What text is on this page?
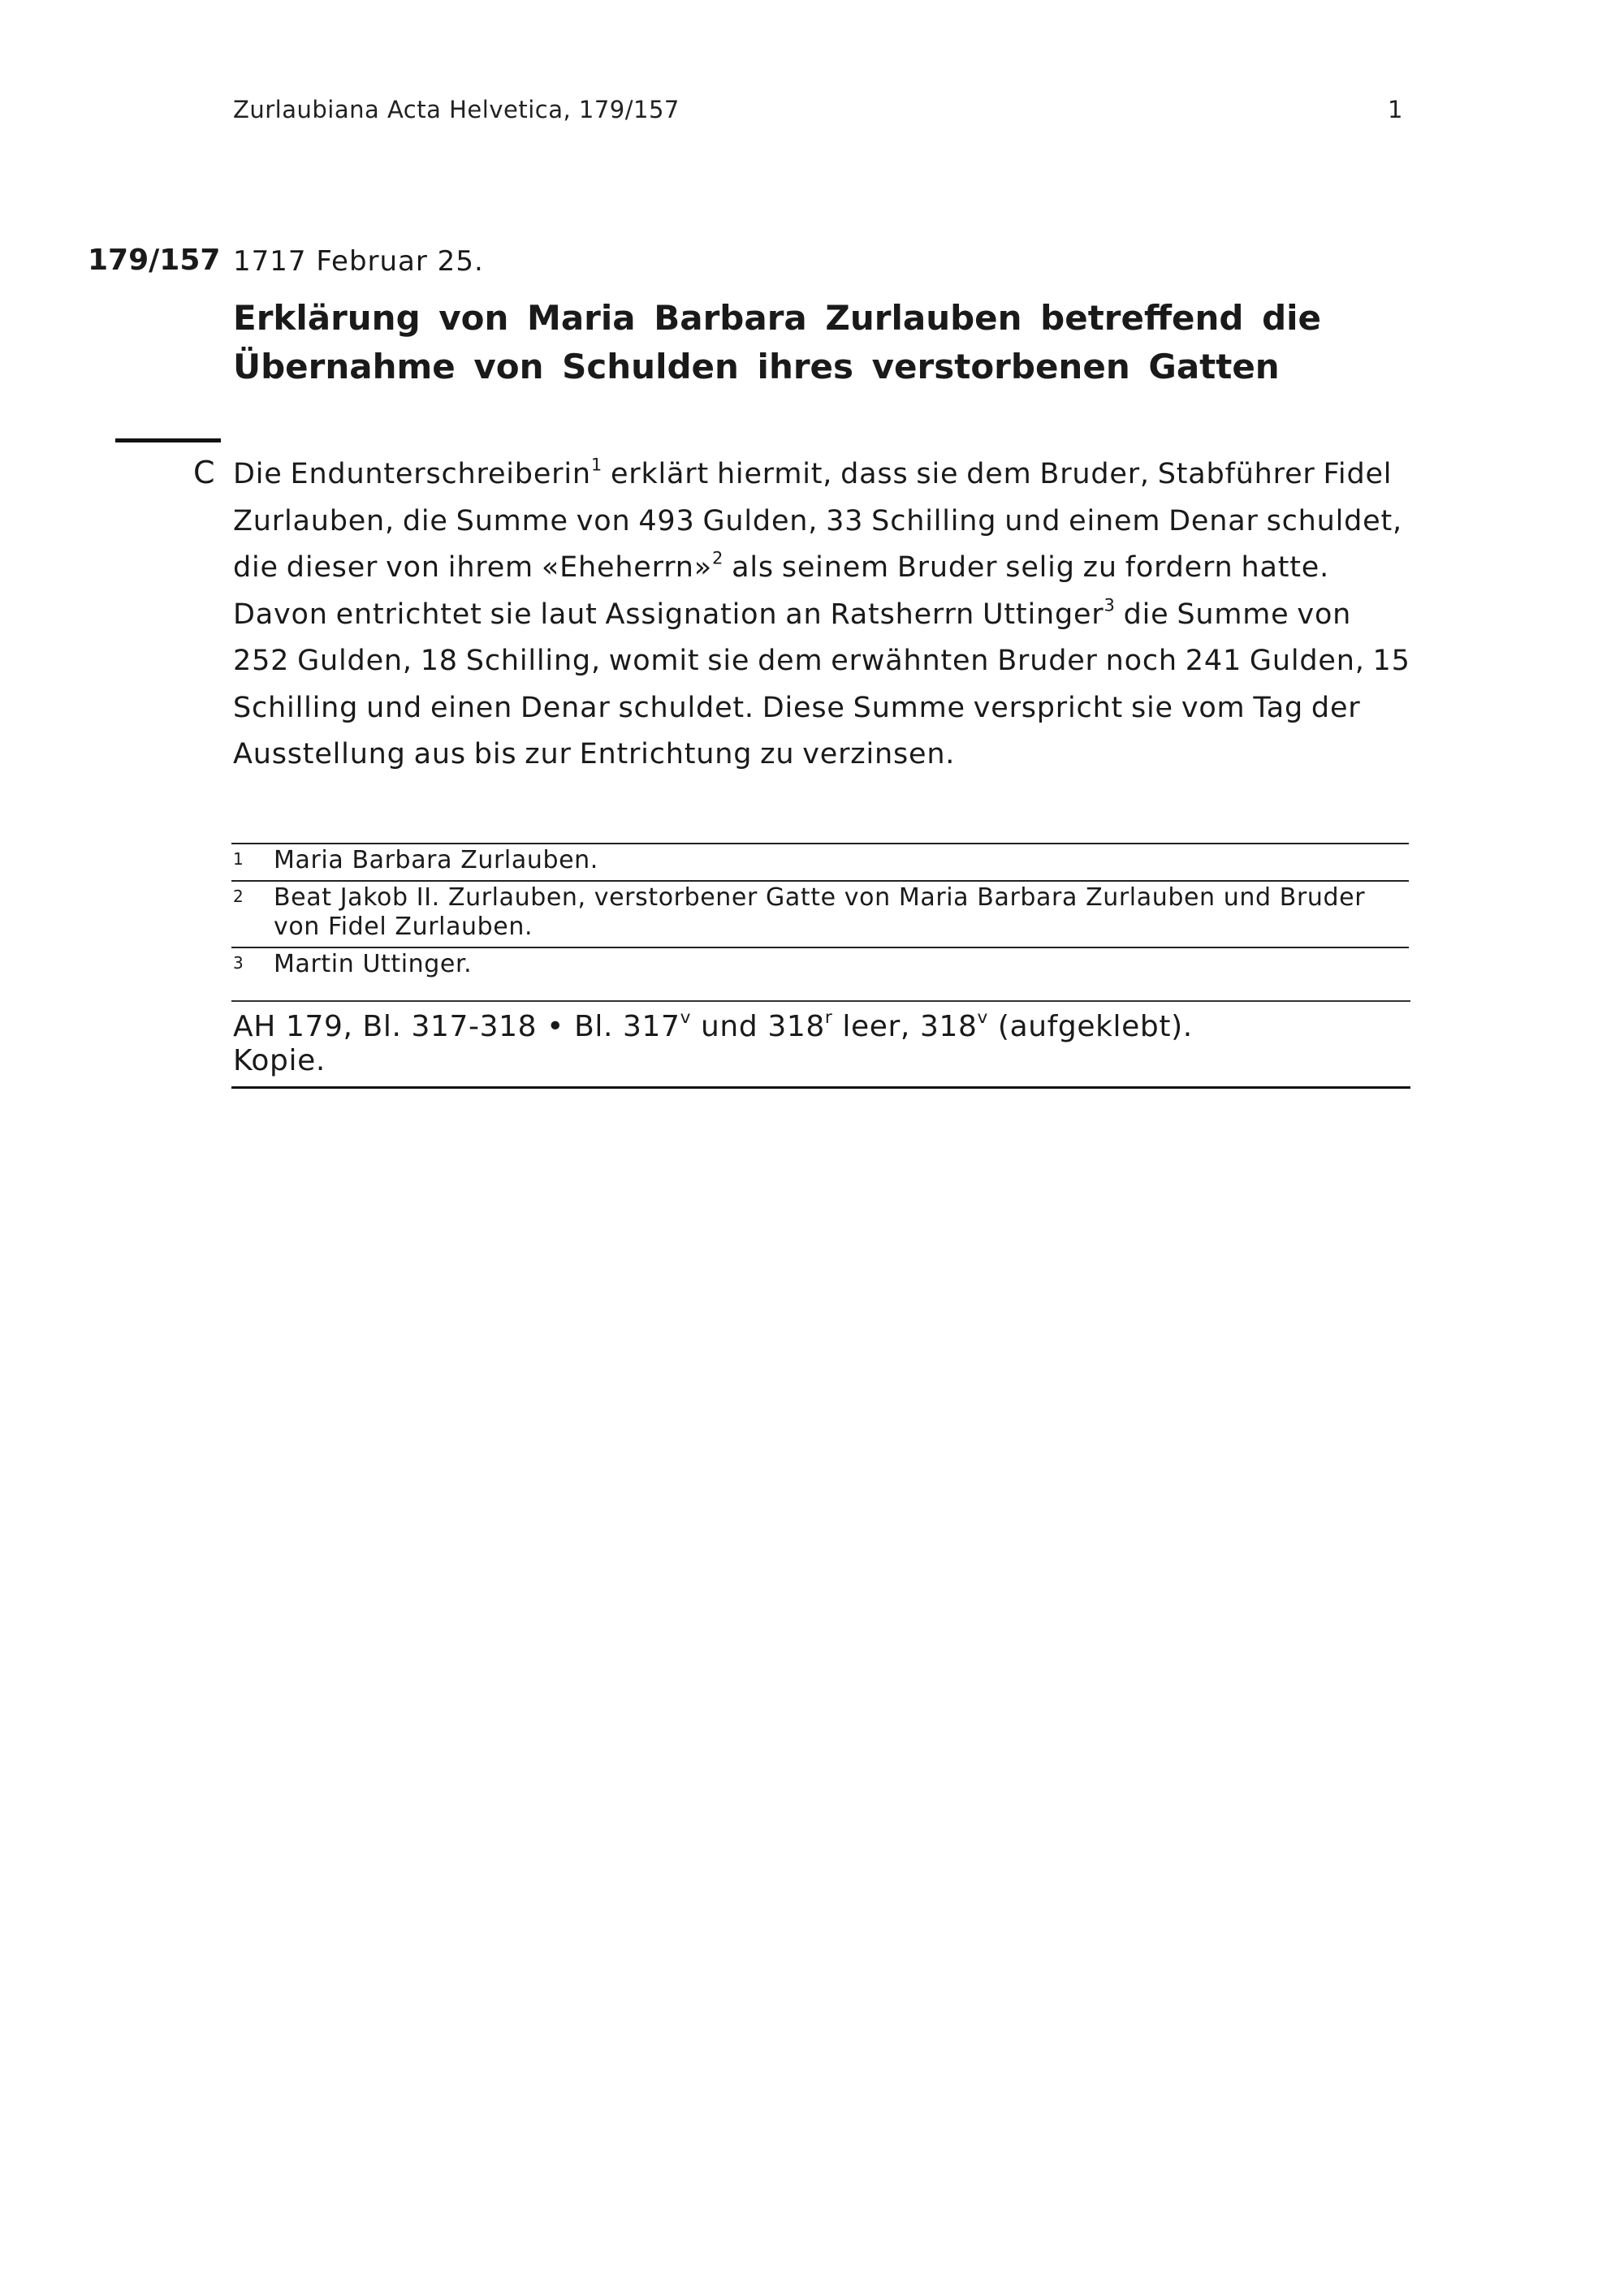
Zurlaubiana Acta Helvetica, 179/157	1
179/157 1717 Februar 25.
Erklärung von Maria Barbara Zurlauben betreffend die
Übernahme von Schulden ihres verstorbenen Gatten
C Die Endunterschreiberin$^1$ erklärt hiermit, dass sie dem Bruder, Stabführer Fidel
Zurlauben, die Summe von 493 Gulden, 33 Schilling und einem Denar schuldet,
die dieser von ihrem «Eheherrn»$^2$ als seinem Bruder selig zu fordern hatte.
Davon entrichtet sie laut Assignation an Ratsherrn Uttinger$^3$ die Summe von
252 Gulden, 18 Schilling, womit sie dem erwähnten Bruder noch 241 Gulden, 15
Schilling und einen Denar schuldet. Diese Summe verspricht sie vom Tag der
Ausstellung aus bis zur Entrichtung zu verzinsen.
1 Maria Barbara Zurlauben.
2 Beat Jakob II. Zurlauben, verstorbener Gatte von Maria Barbara Zurlauben und Bruder
von Fidel Zurlauben.
3 Martin Uttinger.
AH 179, Bl. 317-318 • Bl. 317$^v$ und 318$^r$ leer, 318$^v$ (aufgeklebt).
Kopie.
